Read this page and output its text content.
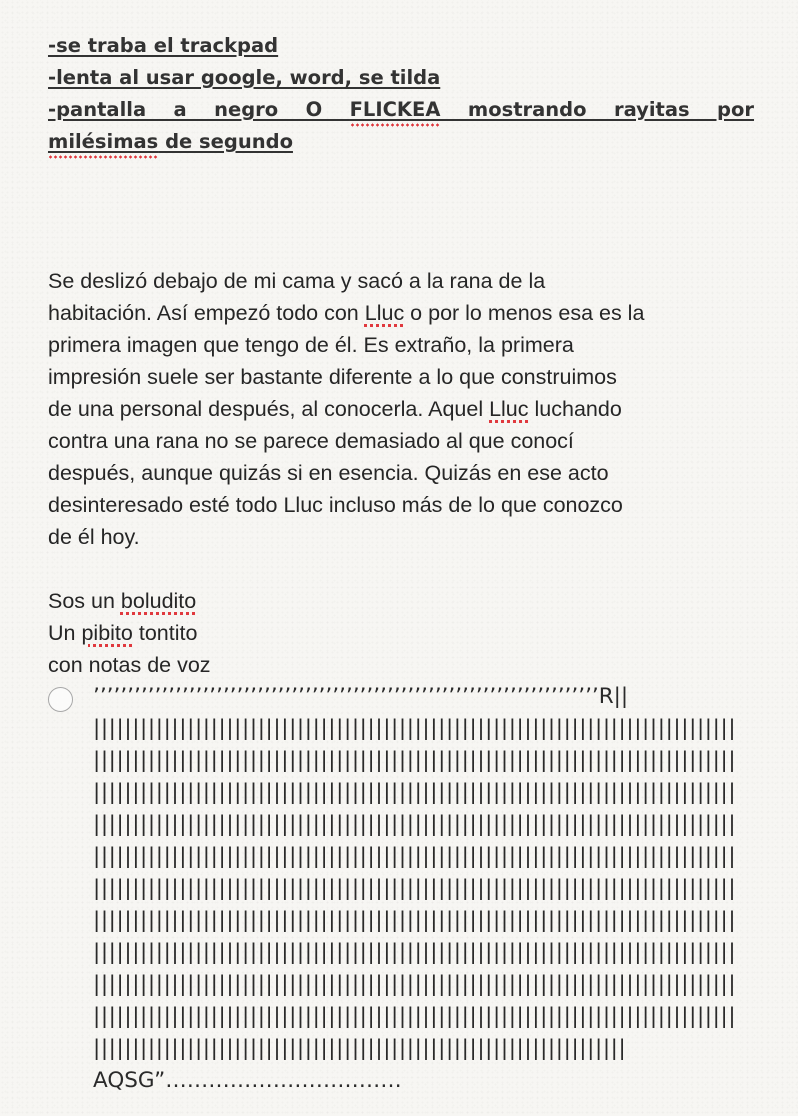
-se traba el trackpad
-lenta al usar google, word, se tilda
-pantalla a negro O FLICKEA mostrando rayitas por
milésimas de segundo
Se deslizó debajo de mi cama y sacó a la rana de la
habitación. Así empezó todo con Lluc o por lo menos esa es la
primera imagen que tengo de él. Es extraño, la primera
impresión suele ser bastante diferente a lo que construimos
de una personal después, al conocerla. Aquel Lluc luchando
contra una rana no se parece demasiado al que conocí
después, aunque quizás si en esencia. Quizás en ese acto
desinteresado esté todo Lluc incluso más de lo que conozco
de él hoy.
Sos un boludito
Un pibito tontito
con notas de voz
’’’’’’’’’’’’’’’’’’’’’’’’’’’’’’’’’’’’’’’’’’’’’’’’’’’’’’’’’’’’’’’’’’’’’’’’’’R||
||||||||||||||||||||||||||||||||||||||||||||||||||||||||||||||||||||||||||||||||||
||||||||||||||||||||||||||||||||||||||||||||||||||||||||||||||||||||||||||||||||||
||||||||||||||||||||||||||||||||||||||||||||||||||||||||||||||||||||||||||||||||||
||||||||||||||||||||||||||||||||||||||||||||||||||||||||||||||||||||||||||||||||||
||||||||||||||||||||||||||||||||||||||||||||||||||||||||||||||||||||||||||||||||||
||||||||||||||||||||||||||||||||||||||||||||||||||||||||||||||||||||||||||||||||||
||||||||||||||||||||||||||||||||||||||||||||||||||||||||||||||||||||||||||||||||||
||||||||||||||||||||||||||||||||||||||||||||||||||||||||||||||||||||||||||||||||||
||||||||||||||||||||||||||||||||||||||||||||||||||||||||||||||||||||||||||||||||||
||||||||||||||||||||||||||||||||||||||||||||||||||||||||||||||||||||||||||||||||||
||||||||||||||||||||||||||||||||||||||||||||||||||||||||||||||||||||
AQSG”……………………………
